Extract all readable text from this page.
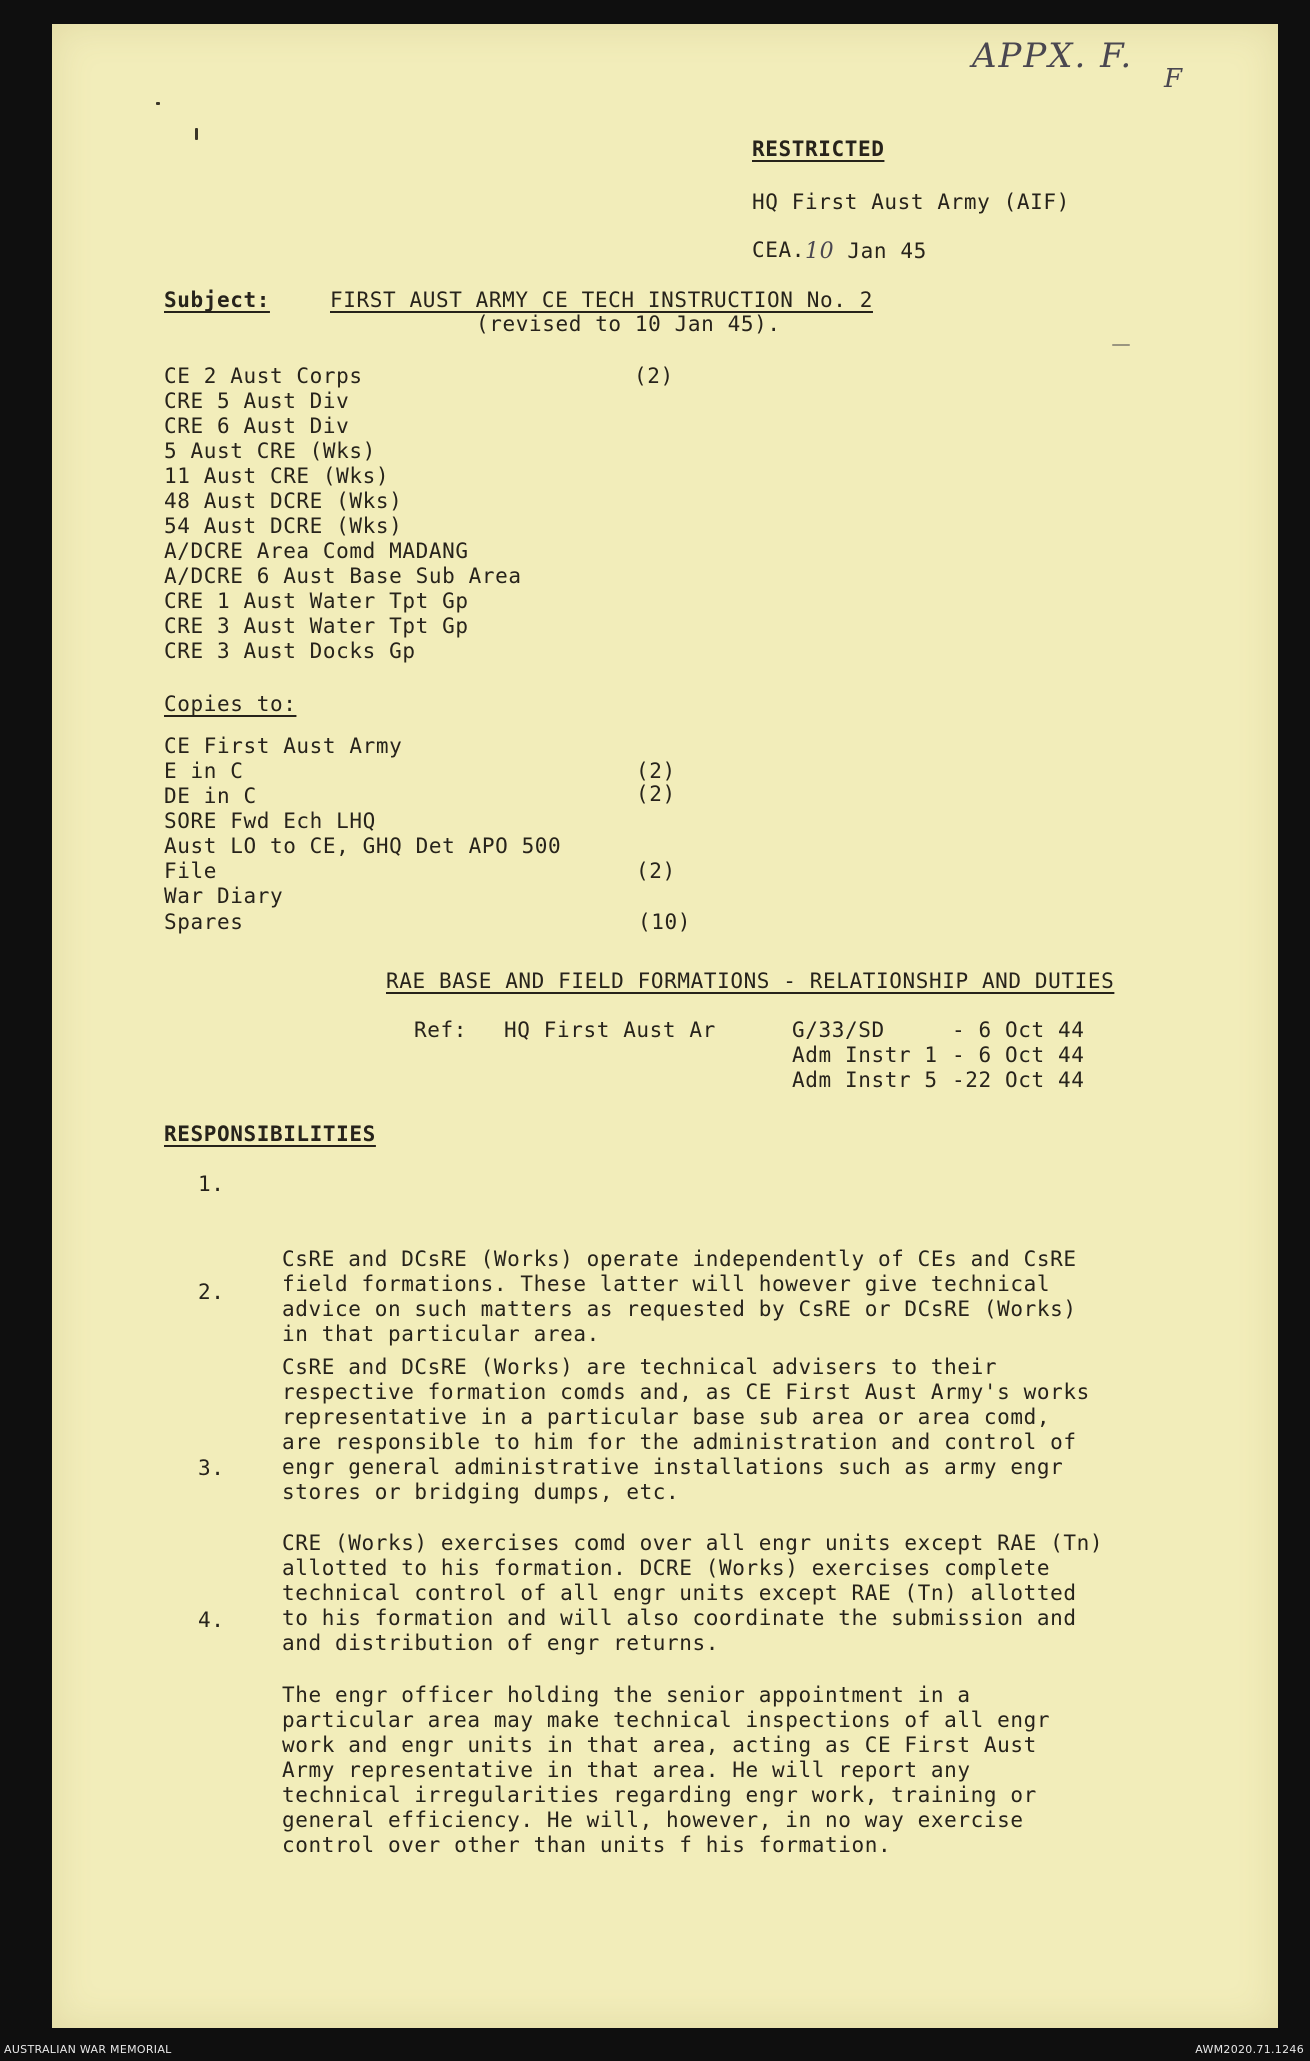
APPX. F.
F
RESTRICTED
HQ First Aust Army (AIF)

10 Jan 45

CEA.
Subject:	FIRST AUST ARMY CE TECH INSTRUCTION No. 2
(revised to 10 Jan 45).
CE 2 Aust Corps	(2)
CRE 5 Aust Div
CRE 6 Aust Div
5 Aust CRE (Wks)
11 Aust CRE (Wks)
48 Aust DCRE (Wks)
54 Aust DCRE (Wks)
A/DCRE Area Comd MADANG
A/DCRE 6 Aust Base Sub Area
CRE 1 Aust Water Tpt Gp
CRE 3 Aust Water Tpt Gp
CRE 3 Aust Docks Gp
Copies to:
CE First Aust Army
E in C	(2)
DE in C	(2)
SORE Fwd Ech LHQ
Aust LO to CE, GHQ Det APO 500
File	(2)
War Diary
Spares	(10)
RAE BASE AND FIELD FORMATIONS - RELATIONSHIP AND DUTIES
Ref: HQ First Aust Ar	G/33/SD	- 6 Oct 44
Adm Instr 1 - 6 Oct 44
Adm Instr 5 -22 Oct 44
RESPONSIBILITIES

1.

CsRE and DCsRE (Works) operate independently of CEs and CsRE
field formations. These latter will however give technical
advice on such matters as requested by CsRE or DCsRE (Works)
in that particular area.

2.

CsRE and DCsRE (Works) are technical advisers to their
respective formation comds and, as CE First Aust Army's works
representative in a particular base sub area or area comd,
are responsible to him for the administration and control of
engr general administrative installations such as army engr
stores or bridging dumps, etc.

3.

CRE (Works) exercises comd over all engr units except RAE (Tn)
allotted to his formation. DCRE (Works) exercises complete
technical control of all engr units except RAE (Tn) allotted
to his formation and will also coordinate the submission and
and distribution of engr returns.

4.

The engr officer holding the senior appointment in a
particular area may make technical inspections of all engr
work and engr units in that area, acting as CE First Aust
Army representative in that area. He will report any
technical irregularities regarding engr work, training or
general efficiency. He will, however, in no way exercise
control over other than units f his formation.

AUSTRALIAN WAR MEMORIAL	AWM2020.71.1246
